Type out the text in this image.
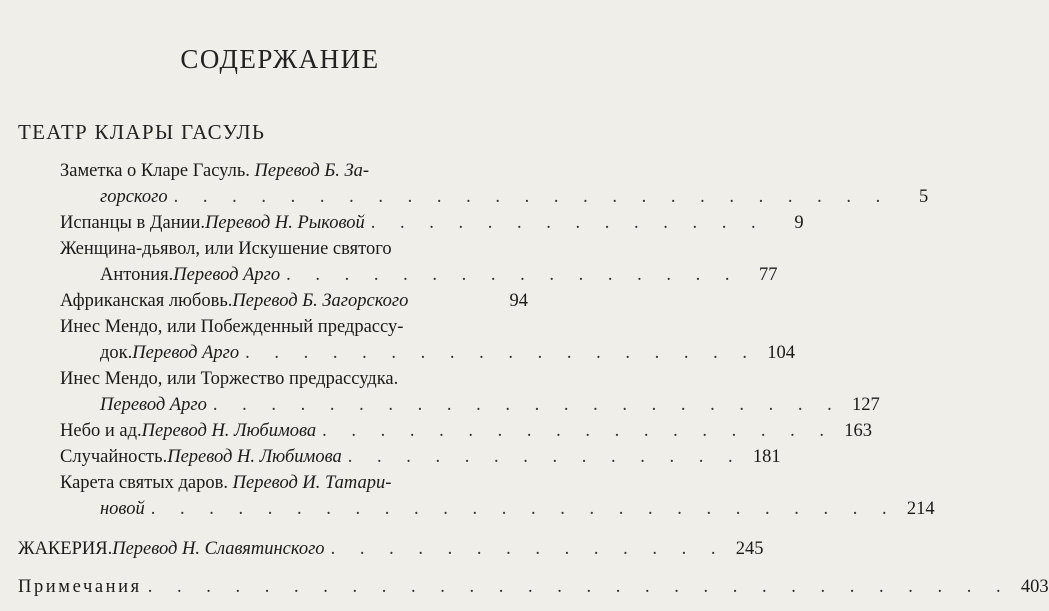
СОДЕРЖАНИЕ
ТЕАТР КЛАРЫ ГАСУЛЬ
Заметка о Кларе Гасуль. Перевод Б. За-
горского . . . . . . . . . . . . . . . . . . . . . . . . .	5
Испанцы в Дании. Перевод Н. Рыковой . . . . . . . . . . . . . .	9
Женщина-дьявол, или Искушение святого
Антония. Перевод Арго . . . . . . . . . . . . . . . .	77
Африканская любовь. Перевод Б. Загорского	94
Инес Мендо, или Побежденный предрассу-
док. Перевод Арго . . . . . . . . . . . . . . . . . . 104
Инес Мендо, или Торжество предрассудка.
Перевод Арго . . . . . . . . . . . . . . . . . . . . . . 127
Небо и ад. Перевод Н. Любимова . . . . . . . . . . . . . . . . . . 163
Случайность. Перевод Н. Любимова . . . . . . . . . . . . . . 181
Карета святых даров. Перевод И. Татари-
новой . . . . . . . . . . . . . . . . . . . . . . . . . . 214
ЖАКЕРИЯ. Перевод Н. Славятинского . . . . . . . . . . . . . . 245
Примечания . . . . . . . . . . . . . . . . . . . . . . . . . . . . . . 403
